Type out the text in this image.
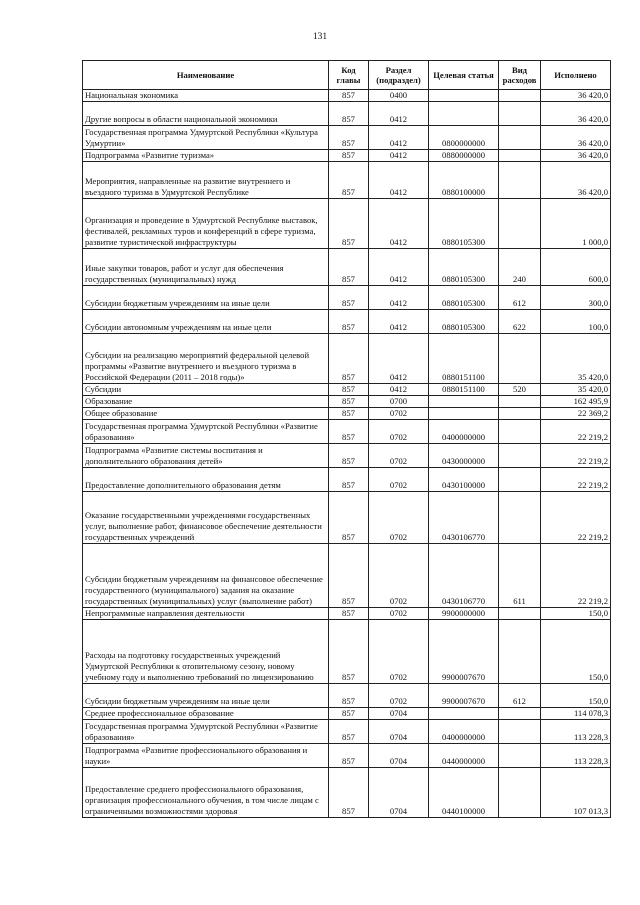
131
Наименование	Код главы	Раздел (подраздел)	Целевая статья	Вид расходов	Исполнено
Национальная экономика	857	0400			36 420,0
Другие вопросы в области национальной экономики	857	0412			36 420,0
Государственная программа Удмуртской Республики «Культура Удмуртии»	857	0412	0800000000		36 420,0
Подпрограмма «Развитие туризма»	857	0412	0880000000		36 420,0
Мероприятия, направленные на развитие внутреннего и въездного туризма в Удмуртской Республике	857	0412	0880100000		36 420,0
Организация и проведение в Удмуртской Республике выставок, фестивалей, рекламных туров и конференций в сфере туризма, развитие туристической инфраструктуры	857	0412	0880105300		1 000,0
Иные закупки товаров, работ и услуг для обеспечения государственных (муниципальных) нужд	857	0412	0880105300	240	600,0
Субсидии бюджетным учреждениям на иные цели	857	0412	0880105300	612	300,0
Субсидии автономным учреждениям на иные цели	857	0412	0880105300	622	100,0
Субсидии на реализацию мероприятий федеральной целевой программы «Развитие внутреннего и въездного туризма в Российской Федерации (2011 – 2018 годы)»	857	0412	0880151100		35 420,0
Субсидии	857	0412	0880151100	520	35 420,0
Образование	857	0700			162 495,9
Общее образование	857	0702			22 369,2
Государственная программа Удмуртской Республики «Развитие образования»	857	0702	0400000000		22 219,2
Подпрограмма «Развитие системы воспитания и дополнительного образования детей»	857	0702	0430000000		22 219,2
Предоставление дополнительного образования детям	857	0702	0430100000		22 219,2
Оказание государственными учреждениями государственных услуг, выполнение работ, финансовое обеспечение деятельности государственных учреждений	857	0702	0430106770		22 219,2
Субсидии бюджетным учреждениям на финансовое обеспечение государственного (муниципального) задания на оказание государственных (муниципальных) услуг (выполнение работ)	857	0702	0430106770	611	22 219,2
Непрограммные направления деятельности	857	0702	9900000000		150,0
Расходы на подготовку государственных учреждений Удмуртской Республики к отопительному сезону, новому учебному году и выполнению требований по лицензированию	857	0702	9900007670		150,0
Субсидии бюджетным учреждениям на иные цели	857	0702	9900007670	612	150,0
Среднее профессиональное образование	857	0704			114 078,3
Государственная программа Удмуртской Республики «Развитие образования»	857	0704	0400000000		113 228,3
Подпрограмма «Развитие профессионального образования и науки»	857	0704	0440000000		113 228,3
Предоставление среднего профессионального образования, организация профессионального обучения, в том числе лицам с ограниченными возможностями здоровья	857	0704	0440100000		107 013,3
